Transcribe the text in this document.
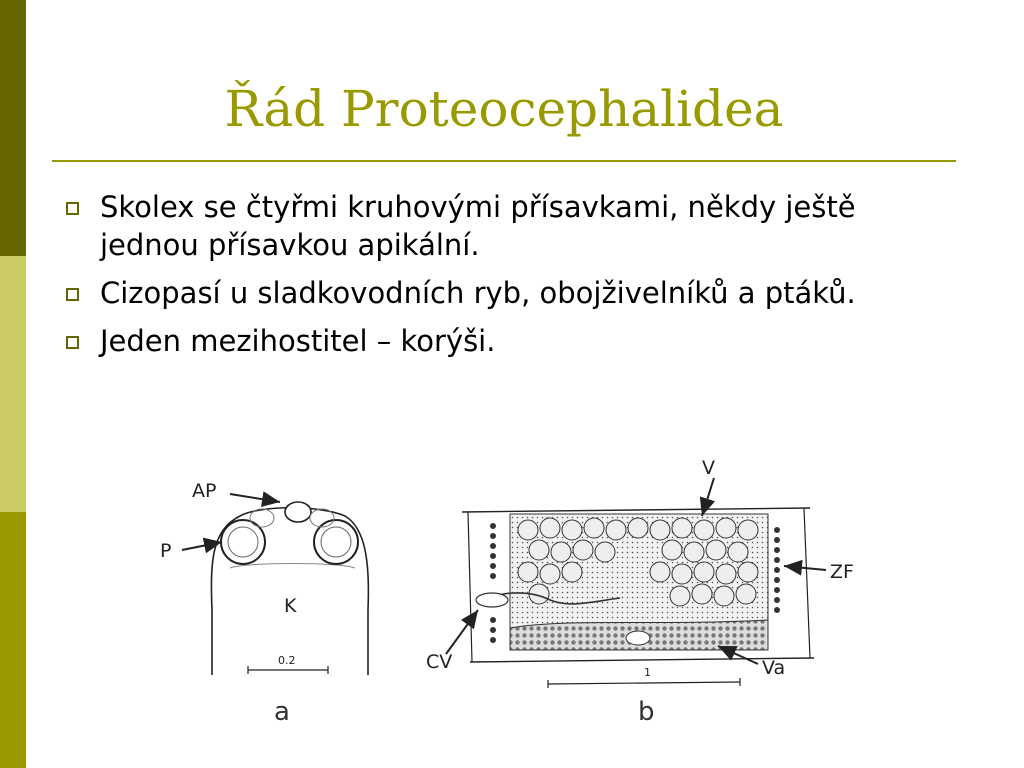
Řád Proteocephalidea
Skolex se čtyřmi kruhovými přísavkami, někdy ještě jednou přísavkou apikální.
Cizopasí u sladkovodních ryb, obojživelníků a ptáků.
Jeden mezihostitel – korýši.
AP
P
K
0.2
a
V
ZF
CV	Va
1
b
